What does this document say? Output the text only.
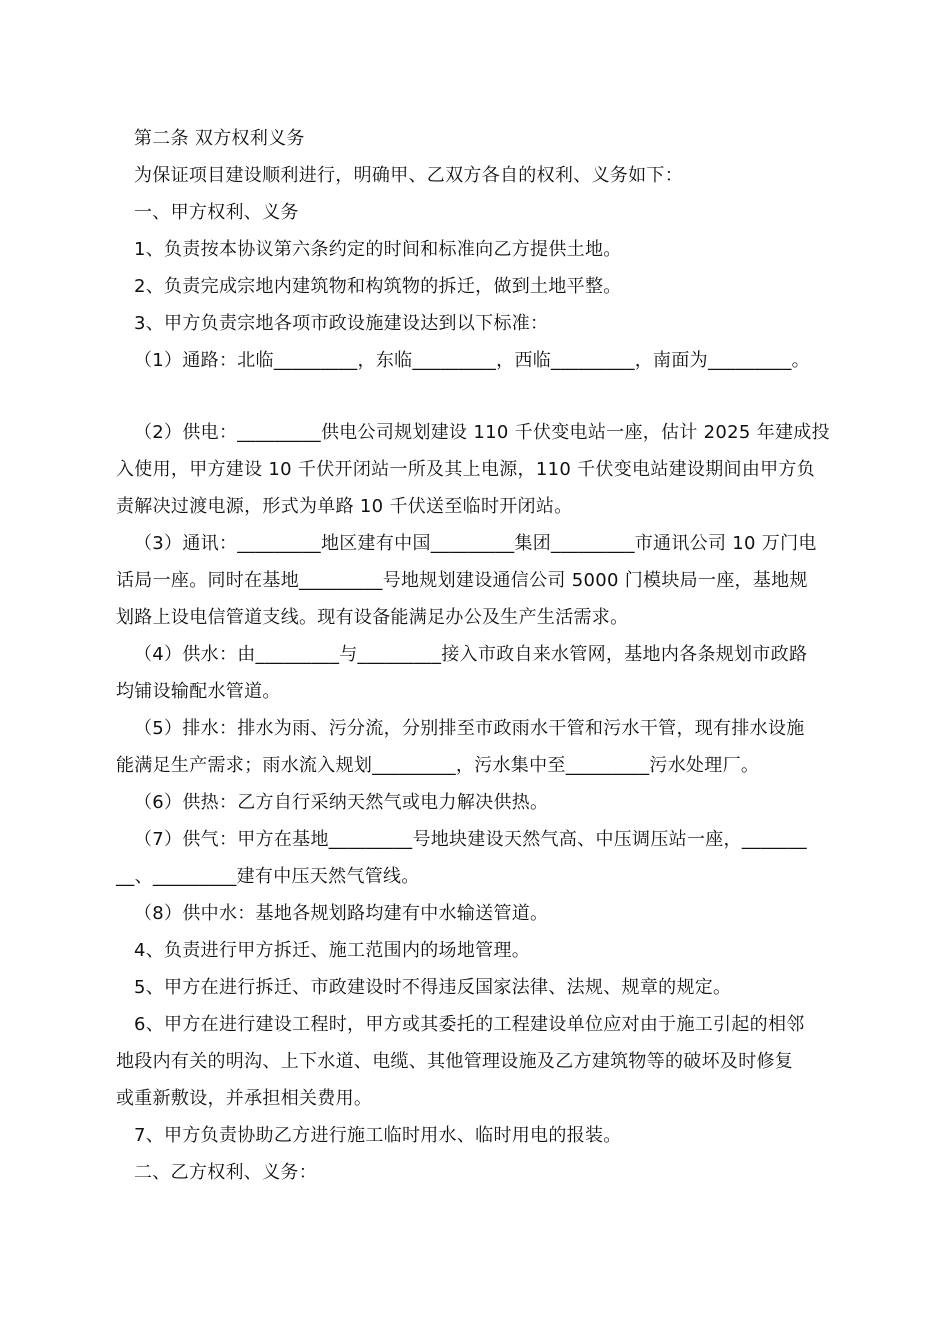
第二条 双方权利义务
为保证项目建设顺利进行，明确甲、乙双方各自的权利、义务如下：
一、甲方权利、义务
1、负责按本协议第六条约定的时间和标准向乙方提供土地。
2、负责完成宗地内建筑物和构筑物的拆迁，做到土地平整。
3、甲方负责宗地各项市政设施建设达到以下标准：
（1）通路：北临_________，东临_________，西临_________，南面为_________。
（2）供电：_________供电公司规划建设 110 千伏变电站一座，估计 2025 年建成投
入使用，甲方建设 10 千伏开闭站一所及其上电源，110 千伏变电站建设期间由甲方负
责解决过渡电源，形式为单路 10 千伏送至临时开闭站。
（3）通讯：_________地区建有中国_________集团_________市通讯公司 10 万门电
话局一座。同时在基地_________号地规划建设通信公司 5000 门模块局一座，基地规
划路上设电信管道支线。现有设备能满足办公及生产生活需求。
（4）供水：由_________与_________接入市政自来水管网，基地内各条规划市政路
均铺设输配水管道。
（5）排水：排水为雨、污分流，分别排至市政雨水干管和污水干管，现有排水设施
能满足生产需求；雨水流入规划_________，污水集中至_________污水处理厂。
（6）供热：乙方自行采纳天然气或电力解决供热。
（7）供气：甲方在基地_________号地块建设天然气高、中压调压站一座，_______
__、_________建有中压天然气管线。
（8）供中水：基地各规划路均建有中水输送管道。
4、负责进行甲方拆迁、施工范围内的场地管理。
5、甲方在进行拆迁、市政建设时不得违反国家法律、法规、规章的规定。
6、甲方在进行建设工程时，甲方或其委托的工程建设单位应对由于施工引起的相邻
地段内有关的明沟、上下水道、电缆、其他管理设施及乙方建筑物等的破坏及时修复
或重新敷设，并承担相关费用。
7、甲方负责协助乙方进行施工临时用水、临时用电的报装。
二、乙方权利、义务：
